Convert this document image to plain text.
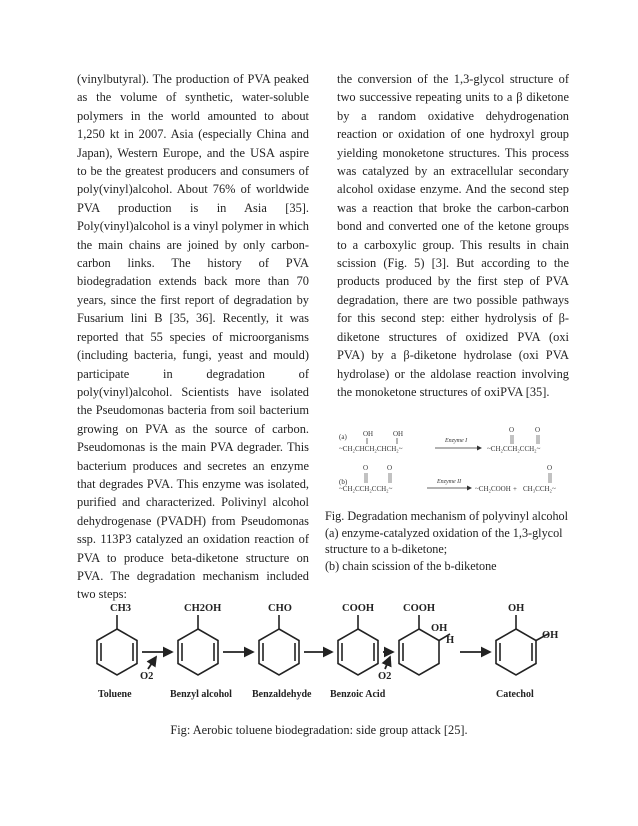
(vinylbutyral). The production of PVA peaked as the volume of synthetic, water-soluble polymers in the world amounted to about 1,250 kt in 2007. Asia (especially China and Japan), Western Europe, and the USA aspire to be the greatest producers and consumers of poly(vinyl)alcohol. About 76% of worldwide PVA production is in Asia [35]. Poly(vinyl)alcohol is a vinyl polymer in which the main chains are joined by only carbon-carbon links. The history of PVA biodegradation extends back more than 70 years, since the first report of degradation by Fusarium lini B [35, 36]. Recently, it was reported that 55 species of microorganisms (including bacteria, fungi, yeast and mould) participate in degradation of poly(vinyl)alcohol. Scientists have isolated the Pseudomonas bacteria from soil bacterium growing on PVA as the source of carbon. Pseudomonas is the main PVA degrader. This bacterium produces and secretes an enzyme that degrades PVA. This enzyme was isolated, purified and characterized. Polivinyl alcohol dehydrogenase (PVADH) from Pseudomonas ssp. 113P3 catalyzed an oxidation reaction of PVA to produce beta-diketone structure on PVA. The degradation mechanism included two steps:

the conversion of the 1,3-glycol structure of two successive repeating units to a β diketone by a random oxidative dehydrogenation reaction or oxidation of one hydroxyl group yielding monoketone structures. This process was catalyzed by an extracellular secondary alcohol oxidase enzyme. And the second step was a reaction that broke the carbon-carbon bond and converted one of the ketone groups to a carboxylic group. This results in chain scission (Fig. 5) [3]. But according to the products produced by the first step of PVA degradation, there are two possible pathways for this second step: either hydrolysis of β-diketone structures of oxidized PVA (oxi PVA) by a β-diketone hydrolase (oxi PVA hydrolase) or the aldolase reaction involving the monoketone structures of oxiPVA [35].

(a) OH	OH
~CH₂CHCH₂CHCH₂~
Enzyme I
O	O
~CH₂CCH₂CCH₂~
(b)
O	O
~CH₂CCH₂CCH₂~
Enzyme II
~CH₂COOH +
O
CH₃CCH₂~
Fig. Degradation mechanism of polyvinyl alcohol
(a) enzyme-catalyzed oxidation of the 1,3-glycol
structure to a b-diketone;
(b) chain scission of the b-diketone
CH3	CH2OH	CHO	COOH	COOH	OH
OH
H	OH
O2	O2
Toluene	Benzyl alcohol Benzaldehyde Benzoic Acid	Catechol
Fig: Aerobic toluene biodegradation: side group attack [25].
